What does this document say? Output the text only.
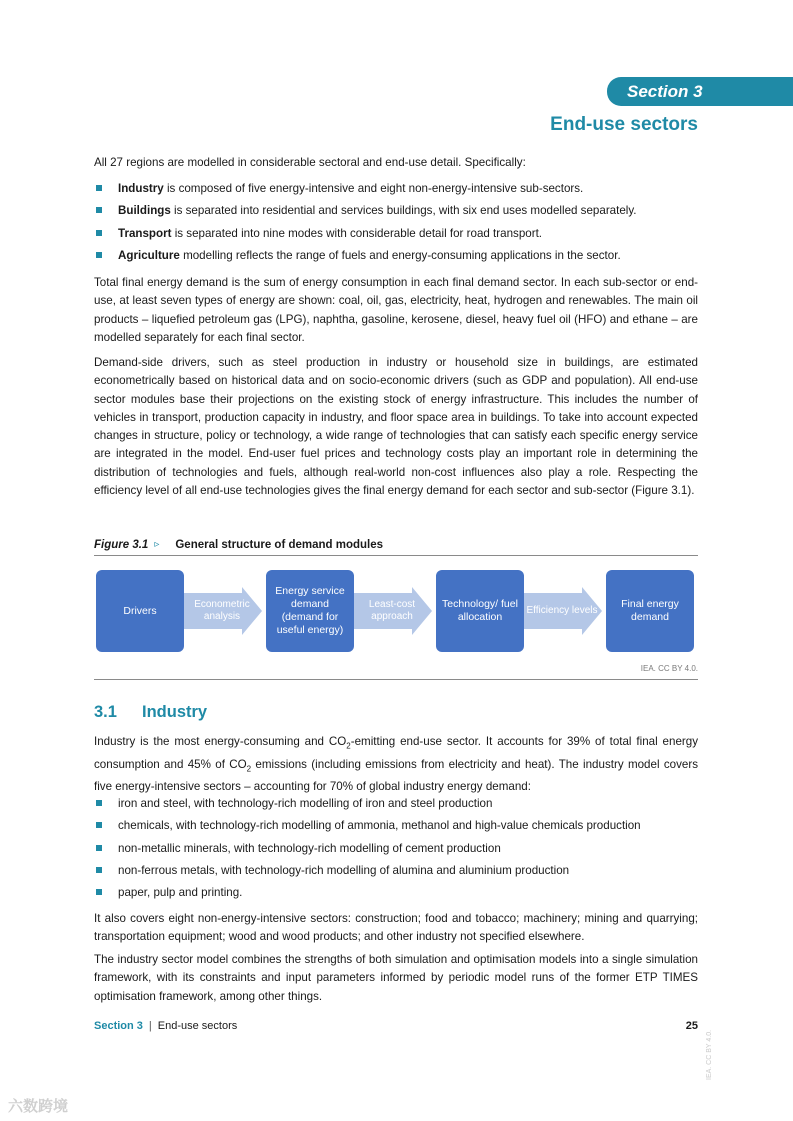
Section 3
End-use sectors

All 27 regions are modelled in considerable sectoral and end-use detail. Specifically:

Industry is composed of five energy-intensive and eight non-energy-intensive sub-sectors.
Buildings is separated into residential and services buildings, with six end uses modelled separately.
Transport is separated into nine modes with considerable detail for road transport.
Agriculture modelling reflects the range of fuels and energy-consuming applications in the sector.

Total final energy demand is the sum of energy consumption in each final demand sector. In each sub-sector or end-use, at least seven types of energy are shown: coal, oil, gas, electricity, heat, hydrogen and renewables. The main oil products – liquefied petroleum gas (LPG), naphtha, gasoline, kerosene, diesel, heavy fuel oil (HFO) and ethane – are modelled separately for each final sector.

Demand-side drivers, such as steel production in industry or household size in buildings, are estimated econometrically based on historical data and on socio-economic drivers (such as GDP and population). All end-use sector modules base their projections on the existing stock of energy infrastructure. This includes the number of vehicles in transport, production capacity in industry, and floor space area in buildings. To take into account expected changes in structure, policy or technology, a wide range of technologies that can satisfy each specific energy service are integrated in the model. End-user fuel prices and technology costs play an important role in determining the distribution of technologies and fuels, although real-world non-cost influences also play a role. Respecting the efficiency level of all end-use technologies gives the final energy demand for each sector and sub-sector (Figure 3.1).

Figure 3.1 ▹ General structure of demand modules
Drivers
Econometric analysis
Energy service demand (demand for useful energy)
Least-cost approach
Technology/ fuel allocation
Efficiency levels
Final energy demand
IEA. CC BY 4.0.
3.1 Industry

Industry is the most energy-consuming and $CO_2$-emitting end-use sector. It accounts for 39% of total final energy consumption and 45% of $CO_2$ emissions (including emissions from electricity and heat). The industry model covers five energy-intensive sectors – accounting for 70% of global industry energy demand:

iron and steel, with technology-rich modelling of iron and steel production
chemicals, with technology-rich modelling of ammonia, methanol and high-value chemicals production
non-metallic minerals, with technology-rich modelling of cement production
non-ferrous metals, with technology-rich modelling of alumina and aluminium production
paper, pulp and printing.

It also covers eight non-energy-intensive sectors: construction; food and tobacco; machinery; mining and quarrying; transportation equipment; wood and wood products; and other industry not specified elsewhere.

The industry sector model combines the strengths of both simulation and optimisation models into a single simulation framework, with its constraints and input parameters informed by periodic model runs of the former ETP TIMES optimisation framework, among other things.

Section 3 | End-use sectors	25
IEA. CC BY 4.0.
六数跨境
